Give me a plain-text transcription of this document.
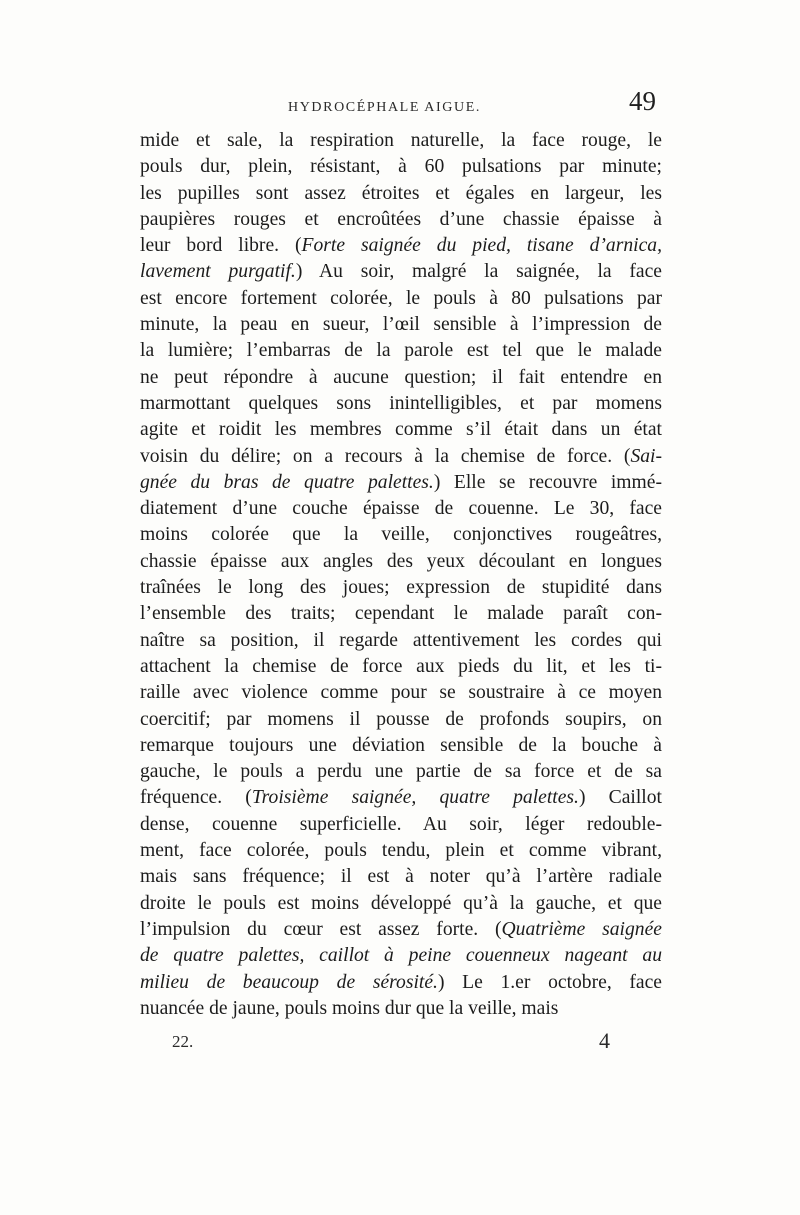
HYDROCÉPHALE AIGUE.	49
mide et sale, la respiration naturelle, la face rouge, le
pouls dur, plein, résistant, à 60 pulsations par minute;
les pupilles sont assez étroites et égales en largeur, les
paupières rouges et encroûtées d’une chassie épaisse à
leur bord libre. (Forte saignée du pied, tisane d’arnica,
lavement purgatif.) Au soir, malgré la saignée, la face
est encore fortement colorée, le pouls à 80 pulsations par
minute, la peau en sueur, l’œil sensible à l’impression de
la lumière; l’embarras de la parole est tel que le malade
ne peut répondre à aucune question; il fait entendre en
marmottant quelques sons inintelligibles, et par momens
agite et roidit les membres comme s’il était dans un état
voisin du délire; on a recours à la chemise de force. (Sai-
gnée du bras de quatre palettes.) Elle se recouvre immé-
diatement d’une couche épaisse de couenne. Le 30, face
moins colorée que la veille, conjonctives rougeâtres,
chassie épaisse aux angles des yeux découlant en longues
traînées le long des joues; expression de stupidité dans
l’ensemble des traits; cependant le malade paraît con-
naître sa position, il regarde attentivement les cordes qui
attachent la chemise de force aux pieds du lit, et les ti-
raille avec violence comme pour se soustraire à ce moyen
coercitif; par momens il pousse de profonds soupirs, on
remarque toujours une déviation sensible de la bouche à
gauche, le pouls a perdu une partie de sa force et de sa
fréquence. (Troisième saignée, quatre palettes.) Caillot
dense, couenne superficielle. Au soir, léger redouble-
ment, face colorée, pouls tendu, plein et comme vibrant,
mais sans fréquence; il est à noter qu’à l’artère radiale
droite le pouls est moins développé qu’à la gauche, et que
l’impulsion du cœur est assez forte. (Quatrième saignée
de quatre palettes, caillot à peine couenneux nageant au
milieu de beaucoup de sérosité.) Le 1.er octobre, face
nuancée de jaune, pouls moins dur que la veille, mais
22.	4
